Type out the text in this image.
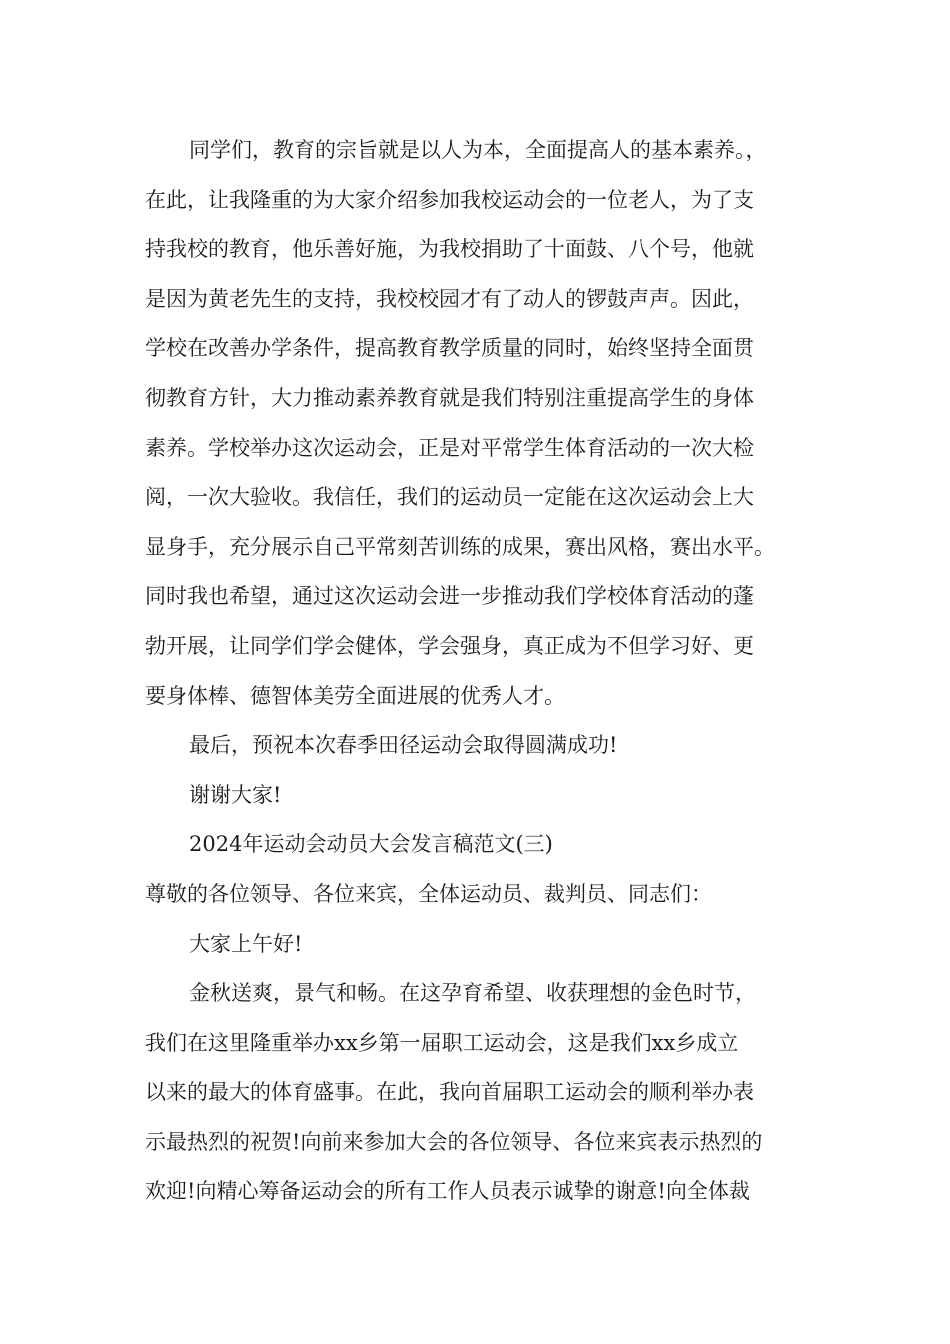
同学们，教育的宗旨就是以人为本，全面提高人的基本素养。，

在此，让我隆重的为大家介绍参加我校运动会的一位老人，为了支

持我校的教育，他乐善好施，为我校捐助了十面鼓、八个号，他就

是因为黄老先生的支持，我校校园才有了动人的锣鼓声声。因此，

学校在改善办学条件，提高教育教学质量的同时，始终坚持全面贯

彻教育方针，大力推动素养教育就是我们特别注重提高学生的身体

素养。学校举办这次运动会，正是对平常学生体育活动的一次大检

阅，一次大验收。我信任，我们的运动员一定能在这次运动会上大

显身手，充分展示自己平常刻苦训练的成果，赛出风格，赛出水平。

同时我也希望，通过这次运动会进一步推动我们学校体育活动的蓬

勃开展，让同学们学会健体，学会强身，真正成为不但学习好、更

要身体棒、德智体美劳全面进展的优秀人才。

最后，预祝本次春季田径运动会取得圆满成功!

谢谢大家!

2024年运动会动员大会发言稿范文(三)

尊敬的各位领导、各位来宾，全体运动员、裁判员、同志们：

大家上午好!

金秋送爽，景气和畅。在这孕育希望、收获理想的金色时节，

我们在这里隆重举办xx乡第一届职工运动会，这是我们xx乡成立

以来的最大的体育盛事。在此，我向首届职工运动会的顺利举办表

示最热烈的祝贺!向前来参加大会的各位领导、各位来宾表示热烈的

欢迎!向精心筹备运动会的所有工作人员表示诚挚的谢意!向全体裁
